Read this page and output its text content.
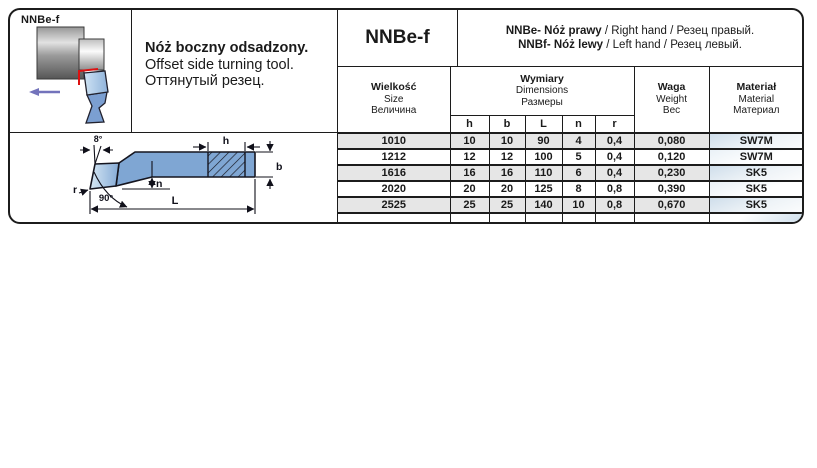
NNBe-f
Nóż boczny odsadzony.
Offset side turning tool.
Оттянутый резец.
8°	h
b
n
r
90°	L
NNBe-f	NNBe- Nóż prawy / Right hand / Резец правый.
NNBf- Nóż lewy / Left hand / Резец левый.
Wielkość
Size
Величина

Wymiary
Dimensions
Размеры

Waga
Weight
Вес

Materiał
Material
Материал

	h	b	L	n	r		
1010	10	10	90	4	0,4	0,080	SW7M
1212	12	12	100	5	0,4	0,120	SW7M
1616	16	16	110	6	0,4	0,230	SK5
2020	20	20	125	8	0,8	0,390	SK5
2525	25	25	140	10	0,8	0,670	SK5
